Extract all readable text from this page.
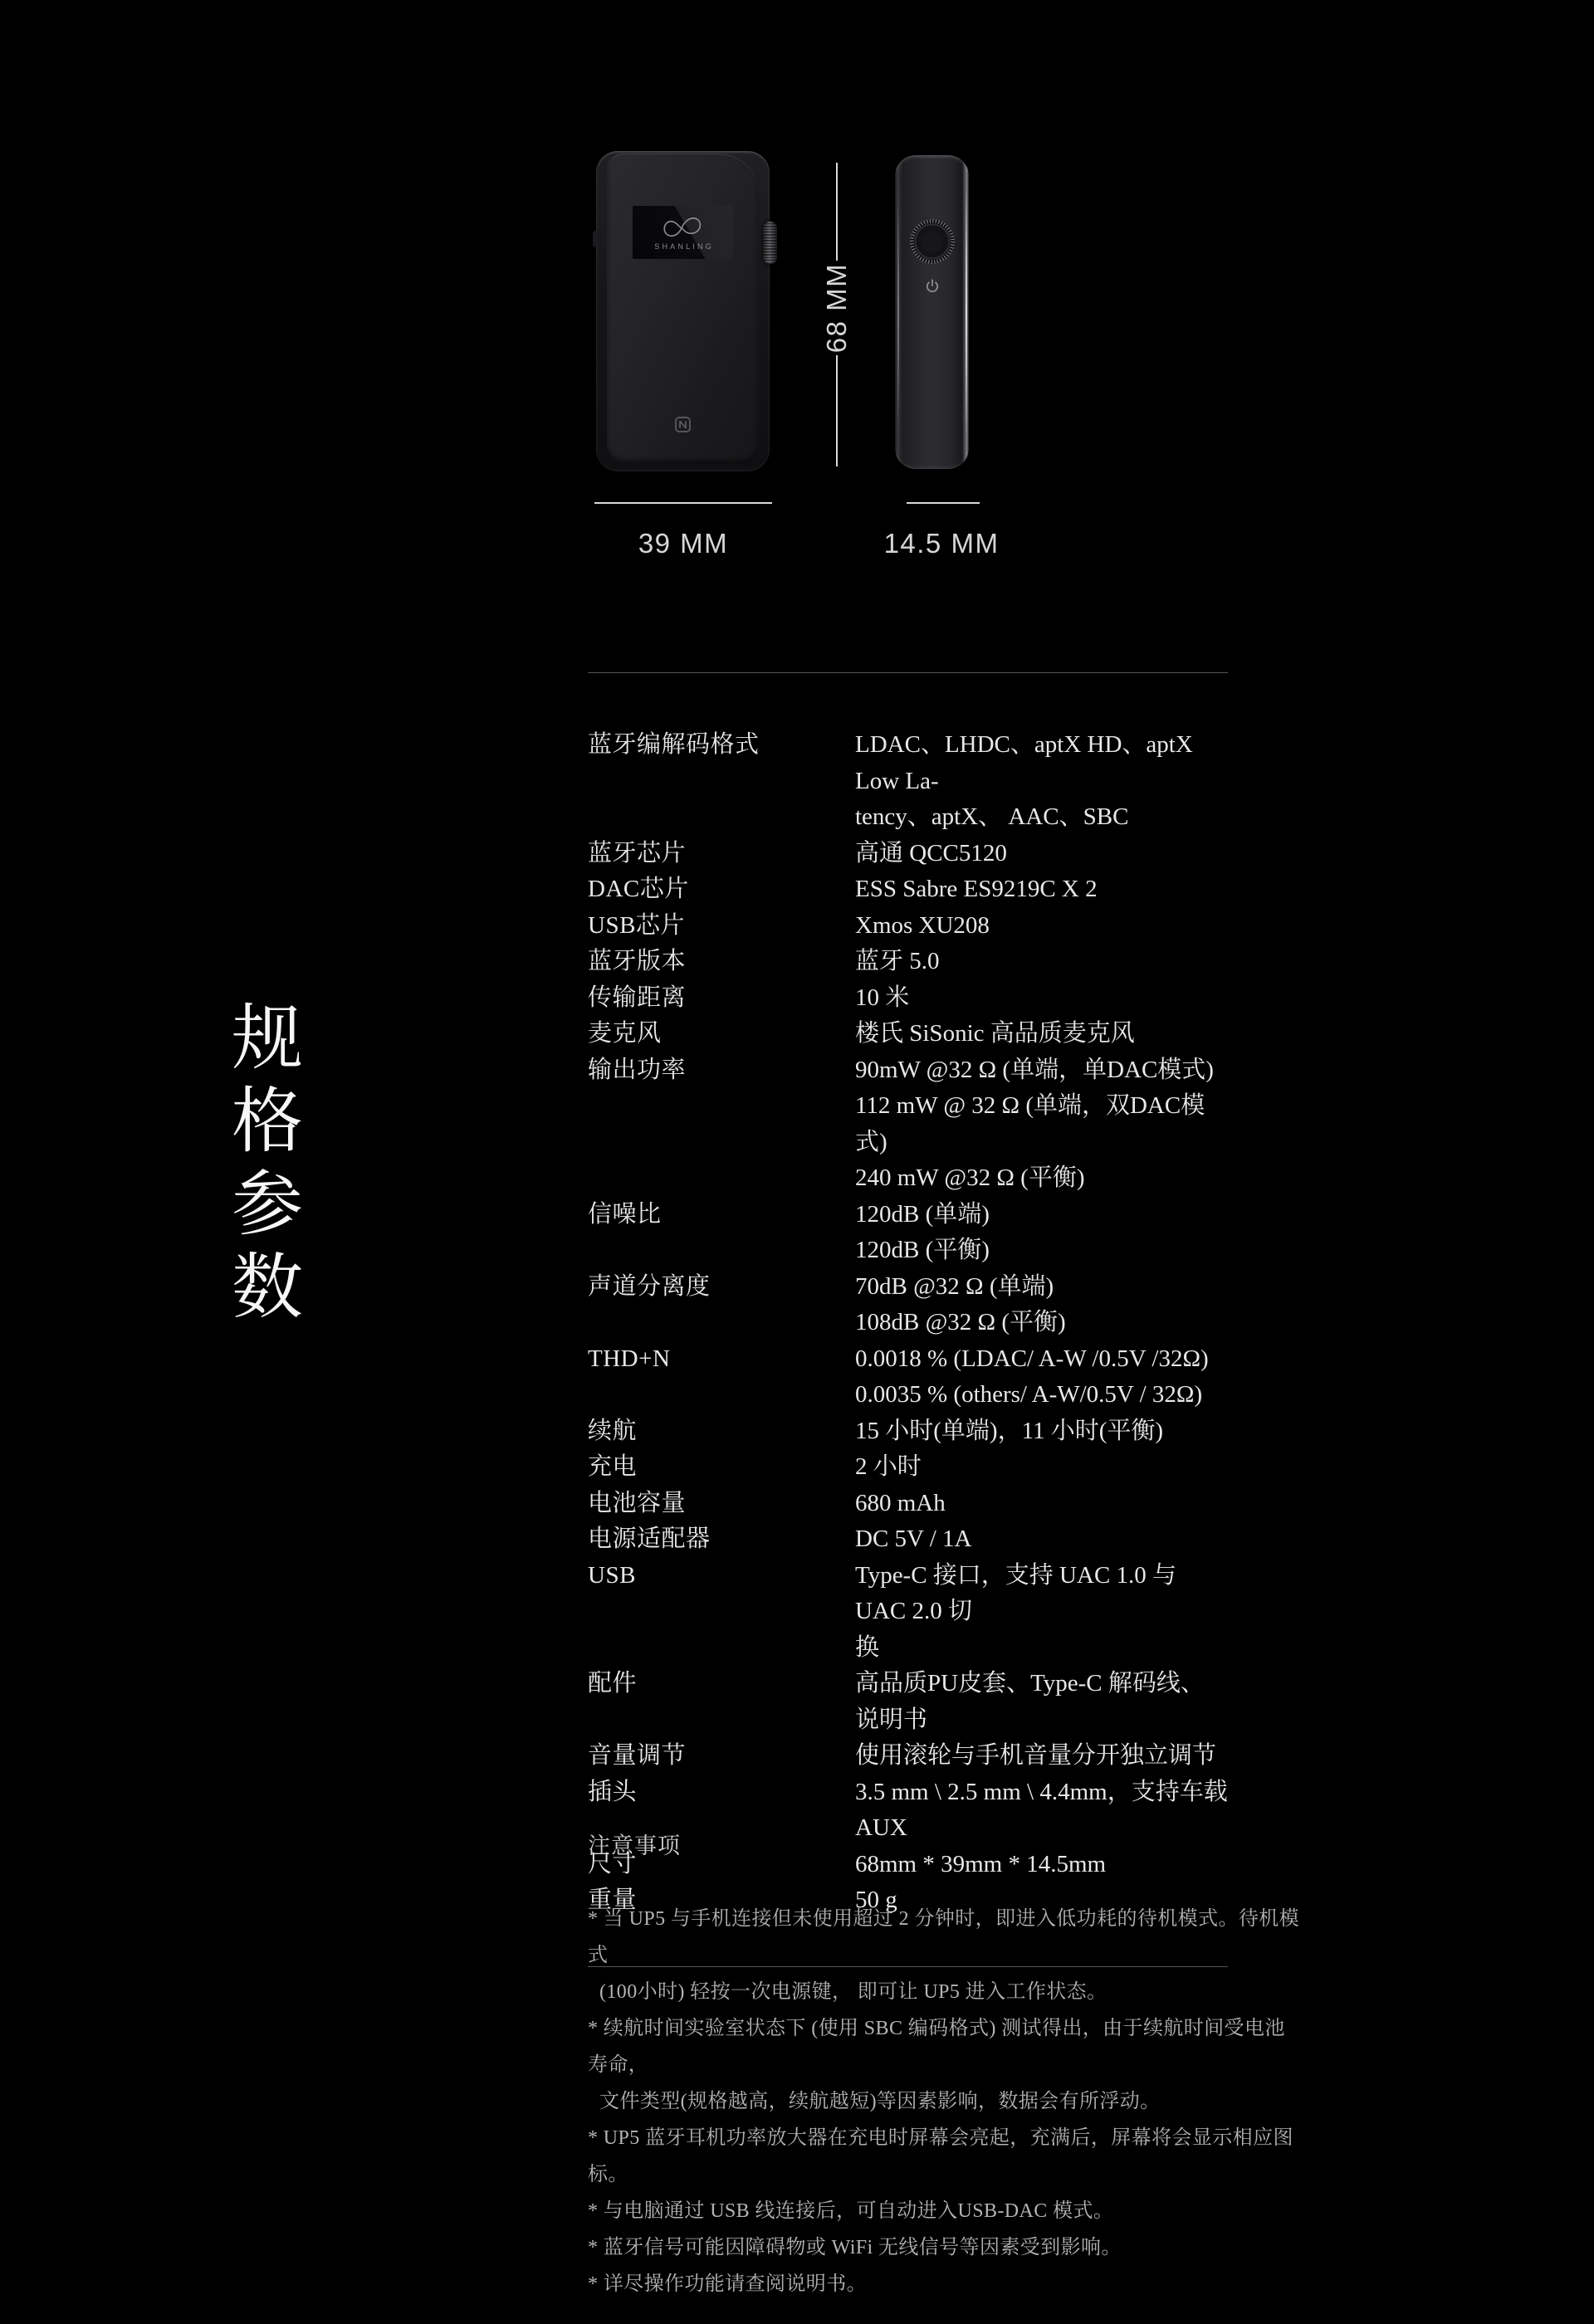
SHANLING
68 MM
39 MM	14.5 MM
规
格
参
数
蓝牙编解码格式	LDAC、LHDC、aptX HD、aptX Low La-
tency、aptX、 AAC、SBC
蓝牙芯片	高通 QCC5120
DAC芯片	ESS Sabre ES9219C X 2
USB芯片	Xmos XU208
蓝牙版本	蓝牙 5.0
传输距离	10 米
麦克风	楼氏 SiSonic 高品质麦克风
输出功率	90mW @32 Ω (单端，单DAC模式)
112 mW @ 32 Ω (单端，双DAC模式)
240 mW @32 Ω (平衡)
信噪比	120dB (单端)
120dB (平衡)
声道分离度	70dB @32 Ω (单端)
108dB @32 Ω (平衡)
THD+N	0.0018 % (LDAC/ A-W /0.5V /32Ω)
0.0035 % (others/ A-W/0.5V / 32Ω)
续航	15 小时(单端)，11 小时(平衡)
充电	2 小时
电池容量	680 mAh
电源适配器	DC 5V / 1A
USB	Type-C 接口，支持 UAC 1.0 与 UAC 2.0 切
换
配件	高品质PU皮套、Type-C 解码线、说明书
音量调节	使用滚轮与手机音量分开独立调节
插头	3.5 mm \ 2.5 mm \ 4.4mm，支持车载AUX
尺寸	68mm * 39mm * 14.5mm
重量	50 g
注意事项
* 当 UP5 与手机连接但未使用超过 2 分钟时，即进入低功耗的待机模式。待机模式
(100小时) 轻按一次电源键， 即可让 UP5 进入工作状态。
* 续航时间实验室状态下 (使用 SBC 编码格式) 测试得出，由于续航时间受电池寿命，
文件类型(规格越高，续航越短)等因素影响，数据会有所浮动。
* UP5 蓝牙耳机功率放大器在充电时屏幕会亮起，充满后，屏幕将会显示相应图标。
* 与电脑通过 USB 线连接后，可自动进入USB-DAC 模式。
* 蓝牙信号可能因障碍物或 WiFi 无线信号等因素受到影响。
* 详尽操作功能请查阅说明书。
